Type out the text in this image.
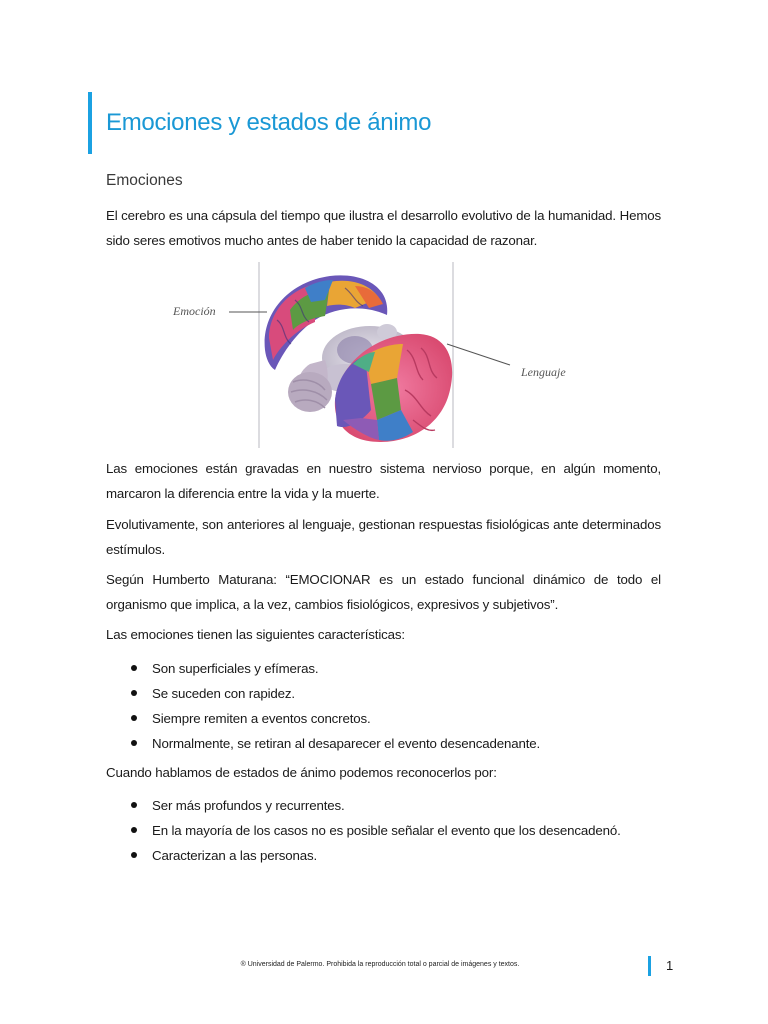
Emociones y estados de ánimo
Emociones
El cerebro es una cápsula del tiempo que ilustra el desarrollo evolutivo de la humanidad. Hemos sido seres emotivos mucho antes de haber tenido la capacidad de razonar.
Emoción
Lenguaje
Las emociones están gravadas en nuestro sistema nervioso porque, en algún momento, marcaron la diferencia entre la vida y la muerte.
Evolutivamente, son anteriores al lenguaje, gestionan respuestas fisiológicas ante determinados estímulos.
Según Humberto Maturana: “EMOCIONAR es un estado funcional dinámico de todo el organismo que implica, a la vez, cambios fisiológicos, expresivos y subjetivos”.
Las emociones tienen las siguientes características:
Son superficiales y efímeras.
Se suceden con rapidez.
Siempre remiten a eventos concretos.
Normalmente, se retiran al desaparecer el evento desencadenante.
Cuando hablamos de estados de ánimo podemos reconocerlos por:
Ser más profundos y recurrentes.
En la mayoría de los casos no es posible señalar el evento que los desencadenó.
Caracterizan a las personas.
® Universidad de Palermo. Prohibida la reproducción total o parcial de imágenes y textos.	1
